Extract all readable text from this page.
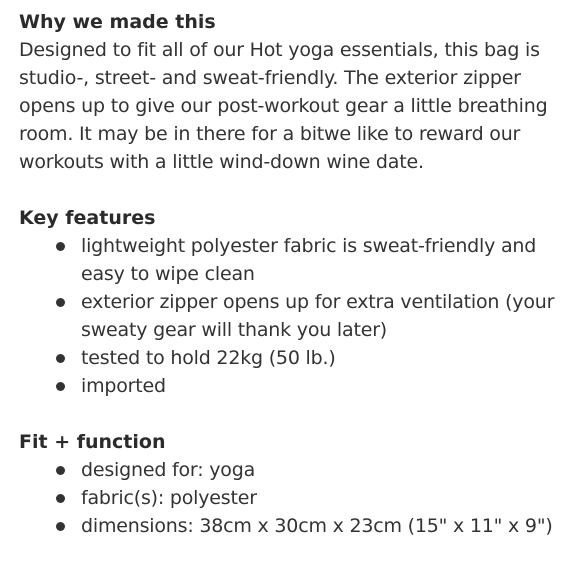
Why we made this

Designed to fit all of our Hot yoga essentials, this bag is studio-, street- and sweat-friendly. The exterior zipper opens up to give our post-workout gear a little breathing room. It may be in there for a bitwe like to reward our workouts with a little wind-down wine date.

Key features
lightweight polyester fabric is sweat-friendly and easy to wipe clean
exterior zipper opens up for extra ventilation (your sweaty gear will thank you later)
tested to hold 22kg (50 lb.)
imported
Fit + function
designed for: yoga
fabric(s): polyester
dimensions: 38cm x 30cm x 23cm (15" x 11" x 9")
